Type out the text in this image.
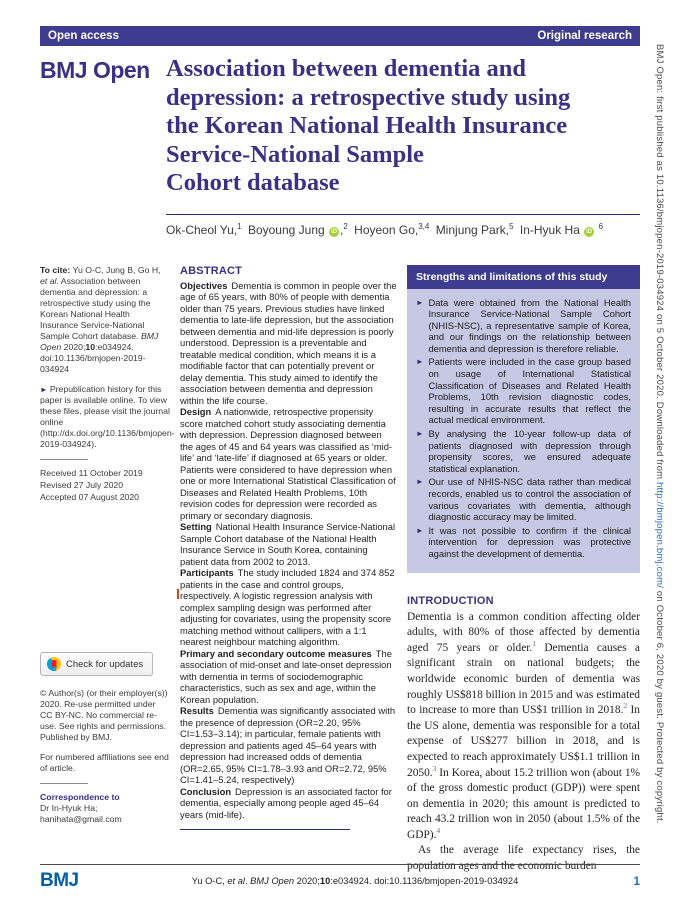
BMJ Open: first published as 10.1136/bmjopen-2019-034924 on 5 October 2020. Downloaded from http://bmjopen.bmj.com/ on October 6, 2020 by guest. Protected by copyright.
Open access	Original research
BMJ Open Association between dementia and
depression: a retrospective study using
the Korean National Health Insurance
Service-National Sample
Cohort database
Ok-Cheol Yu,$^1$ Boyoung Jung iD ,$^2$ Hoyeon Go,$^{3,4}$ Minjung Park,$^5$ In-Hyuk Ha iD $^6$

To cite: Yu O-C, Jung B, Go H, et al. Association between dementia and depression: a retrospective study using the Korean National Health Insurance Service-National Sample Cohort database. BMJ Open 2020;10:e034924. doi:10.1136/bmjopen-2019-034924

► Prepublication history for this paper is available online. To view these files, please visit the journal online (http://dx.doi.org/10.1136/bmjopen-2019-034924).

Received 11 October 2019
Revised 27 July 2020
Accepted 07 August 2020
Check for updates

© Author(s) (or their employer(s)) 2020. Re-use permitted under CC BY-NC. No commercial re-use. See rights and permissions. Published by BMJ.

For numbered affiliations see end of article.

Correspondence to
Dr In-Hyuk Ha;
hanihata@gmail.com
ABSTRACT

Objectives Dementia is common in people over the age of 65 years, with 80% of people with dementia older than 75 years. Previous studies have linked dementia to late-life depression, but the association between dementia and mid-life depression is poorly understood. Depression is a preventable and treatable medical condition, which means it is a modifiable factor that can potentially prevent or delay dementia. This study aimed to identify the association between dementia and depression within the life course.

Design A nationwide, retrospective propensity score matched cohort study associating dementia with depression. Depression diagnosed between the ages of 45 and 64 years was classified as ‘mid-life’ and ‘late-life’ if diagnosed at 65 years or older. Patients were considered to have depression when one or more International Statistical Classification of Diseases and Related Health Problems, 10th revision codes for depression were recorded as primary or secondary diagnosis.

Setting National Health Insurance Service-National Sample Cohort database of the National Health Insurance Service in South Korea, containing patient data from 2002 to 2013.

Participants The study included 1824 and 374 852 patients in the case and control groups, respectively. A logistic regression analysis with complex sampling design was performed after adjusting for covariates, using the propensity score matching method without callipers, with a 1:1 nearest neighbour matching algorithm.

Primary and secondary outcome measures The association of mid-onset and late-onset depression with dementia in terms of sociodemographic characteristics, such as sex and age, within the Korean population.

Results Dementia was significantly associated with the presence of depression (OR=2.20, 95% CI=1.53–3.14); in particular, female patients with depression and patients aged 45–64 years with depression had increased odds of dementia (OR=2.65, 95% CI=1.78–3.93 and OR=2.72, 95% CI=1.41–5.24, respectively)

Conclusion Depression is an associated factor for dementia, especially among people aged 45–64 years (mid-life).

Strengths and limitations of this study
► Data were obtained from the National Health Insurance Service-National Sample Cohort (NHIS-NSC), a representative sample of Korea, and our findings on the relationship between dementia and depression is therefore reliable.
► Patients were included in the case group based on usage of International Statistical Classification of Diseases and Related Health Problems, 10th revision diagnostic codes, resulting in accurate results that reflect the actual medical environment.
► By analysing the 10-year follow-up data of patients diagnosed with depression through propensity scores, we ensured adequate statistical explanation.
► Our use of NHIS-NSC data rather than medical records, enabled us to control the association of various covariates with dementia, although diagnostic accuracy may be limited.
► It was not possible to confirm if the clinical intervention for depression was protective against the development of dementia.
INTRODUCTION

Dementia is a common condition affecting older adults, with 80% of those affected by dementia aged 75 years or older.$^1$ Dementia causes a significant strain on national budgets; the worldwide economic burden of dementia was roughly US$818 billion in 2015 and was estimated to increase to more than US$1 trillion in 2018.$^2$ In the US alone, dementia was responsible for a total expense of US$277 billion in 2018, and is expected to reach approximately US$1.1 trillion in 2050.$^3$ In Korea, about 15.2 trillion won (about 1% of the gross domestic product (GDP)) were spent on dementia in 2020; this amount is predicted to reach 43.2 trillion won in 2050 (about 1.5% of the GDP).$^4$

As the average life expectancy rises, the population ages and the economic burden

BMJ	Yu O-C, et al. BMJ Open 2020;10:e034924. doi:10.1136/bmjopen-2019-034924	1
